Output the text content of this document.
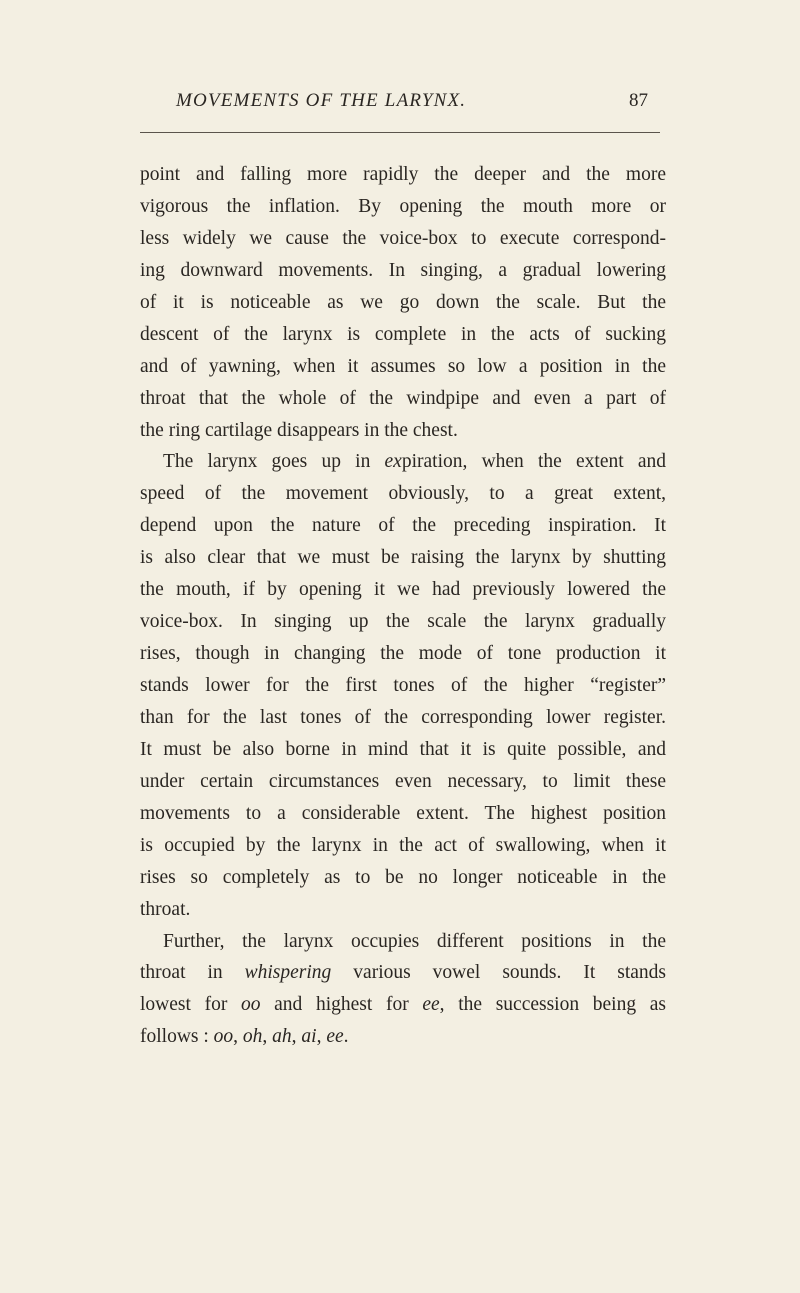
MOVEMENTS OF THE LARYNX.	87
point and falling more rapidly the deeper and the more
vigorous the inflation. By opening the mouth more or
less widely we cause the voice-box to execute correspond-
ing downward movements. In singing, a gradual lowering
of it is noticeable as we go down the scale. But the
descent of the larynx is complete in the acts of sucking
and of yawning, when it assumes so low a position in the
throat that the whole of the windpipe and even a part of
the ring cartilage disappears in the chest.
The larynx goes up in expiration, when the extent and
speed of the movement obviously, to a great extent,
depend upon the nature of the preceding inspiration. It
is also clear that we must be raising the larynx by shutting
the mouth, if by opening it we had previously lowered the
voice-box. In singing up the scale the larynx gradually
rises, though in changing the mode of tone production it
stands lower for the first tones of the higher “register”
than for the last tones of the corresponding lower register.
It must be also borne in mind that it is quite possible, and
under certain circumstances even necessary, to limit these
movements to a considerable extent. The highest position
is occupied by the larynx in the act of swallowing, when it
rises so completely as to be no longer noticeable in the
throat.
Further, the larynx occupies different positions in the
throat in whispering various vowel sounds. It stands
lowest for oo and highest for ee, the succession being as
follows : oo, oh, ah, ai, ee.
